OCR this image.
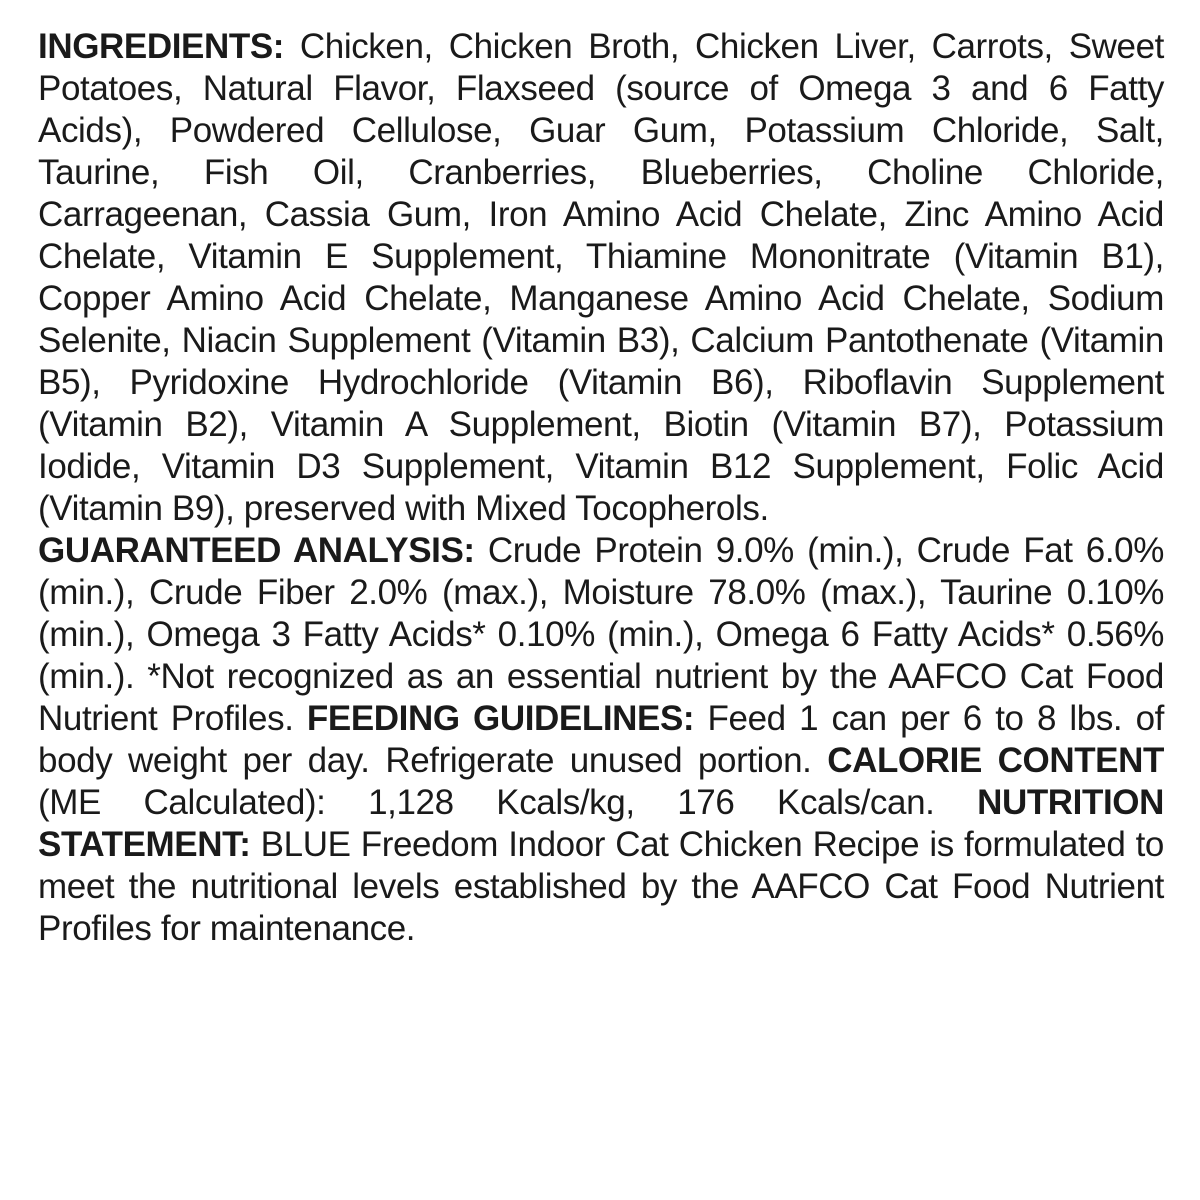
INGREDIENTS: Chicken, Chicken Broth, Chicken Liver, Carrots, Sweet Potatoes, Natural Flavor, Flaxseed (source of Omega 3 and 6 Fatty Acids), Powdered Cellulose, Guar Gum, Potassium Chloride, Salt, Taurine, Fish Oil, Cranberries, Blueberries, Choline Chloride, Carrageenan, Cassia Gum, Iron Amino Acid Chelate, Zinc Amino Acid Chelate, Vitamin E Supplement, Thiamine Mononitrate (Vitamin B1), Copper Amino Acid Chelate, Manganese Amino Acid Chelate, Sodium Selenite, Niacin Supplement (Vitamin B3), Calcium Pantothenate (Vitamin B5), Pyridoxine Hydrochloride (Vitamin B6), Riboflavin Supplement (Vitamin B2), Vitamin A Supplement, Biotin (Vitamin B7), Potassium Iodide, Vitamin D3 Supplement, Vitamin B12 Supplement, Folic Acid (Vitamin B9), preserved with Mixed Tocopherols.

GUARANTEED ANALYSIS: Crude Protein 9.0% (min.), Crude Fat 6.0% (min.), Crude Fiber 2.0% (max.), Moisture 78.0% (max.), Taurine 0.10% (min.), Omega 3 Fatty Acids* 0.10% (min.), Omega 6 Fatty Acids* 0.56% (min.). *Not recognized as an essential nutrient by the AAFCO Cat Food Nutrient Profiles. FEEDING GUIDELINES: Feed 1 can per 6 to 8 lbs. of body weight per day. Refrigerate unused portion. CALORIE CONTENT (ME Calculated): 1,128 Kcals/kg, 176 Kcals/can. NUTRITION STATEMENT: BLUE Freedom Indoor Cat Chicken Recipe is formulated to meet the nutritional levels established by the AAFCO Cat Food Nutrient Profiles for maintenance.
